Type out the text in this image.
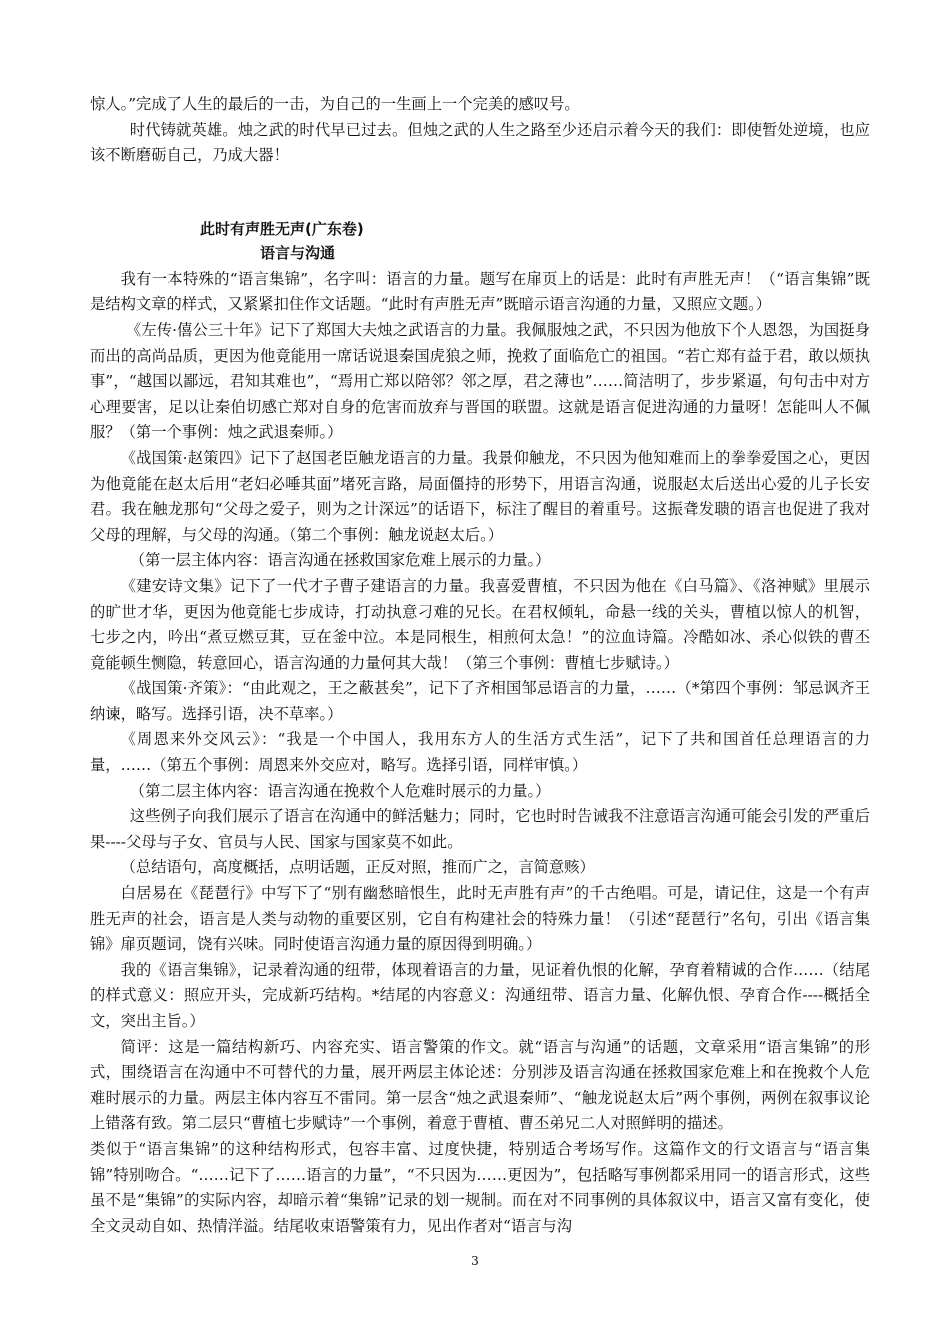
惊人。”完成了人生的最后的一击，为自己的一生画上一个完美的感叹号。

时代铸就英雄。烛之武的时代早已过去。但烛之武的人生之路至少还启示着今天的我们：即使暂处逆境，也应该不断磨砺自己，乃成大器！

此时有声胜无声(广东卷)

语言与沟通

我有一本特殊的“语言集锦”，名字叫：语言的力量。题写在扉页上的话是：此时有声胜无声！（“语言集锦”既是结构文章的样式，又紧紧扣住作文话题。“此时有声胜无声”既暗示语言沟通的力量，又照应文题。）

《左传·僖公三十年》记下了郑国大夫烛之武语言的力量。我佩服烛之武，不只因为他放下个人恩怨，为国挺身而出的高尚品质，更因为他竟能用一席话说退秦国虎狼之师，挽救了面临危亡的祖国。“若亡郑有益于君，敢以烦执事”，“越国以鄙远，君知其难也”，“焉用亡郑以陪邻？邻之厚，君之薄也”……简洁明了，步步紧逼，句句击中对方心理要害，足以让秦伯切感亡郑对自身的危害而放弃与晋国的联盟。这就是语言促进沟通的力量呀！怎能叫人不佩服？（第一个事例：烛之武退秦师。）

《战国策·赵策四》记下了赵国老臣触龙语言的力量。我景仰触龙，不只因为他知难而上的拳拳爱国之心，更因为他竟能在赵太后用“老妇必唾其面”堵死言路，局面僵持的形势下，用语言沟通，说服赵太后送出心爱的儿子长安君。我在触龙那句“父母之爱子，则为之计深远”的话语下，标注了醒目的着重号。这振聋发聩的语言也促进了我对父母的理解，与父母的沟通。（第二个事例：触龙说赵太后。）

（第一层主体内容：语言沟通在拯救国家危难上展示的力量。）

《建安诗文集》记下了一代才子曹子建语言的力量。我喜爱曹植，不只因为他在《白马篇》、《洛神赋》里展示的旷世才华，更因为他竟能七步成诗，打动执意刁难的兄长。在君权倾轧，命悬一线的关头，曹植以惊人的机智，七步之内，吟出“煮豆燃豆萁，豆在釜中泣。本是同根生，相煎何太急！”的泣血诗篇。冷酷如冰、杀心似铁的曹丕竟能顿生恻隐，转意回心，语言沟通的力量何其大哉！（第三个事例：曹植七步赋诗。）

《战国策·齐策》：“由此观之，王之蔽甚矣”，记下了齐相国邹忌语言的力量，……（*第四个事例：邹忌讽齐王纳谏，略写。选择引语，决不草率。）

《周恩来外交风云》：“我是一个中国人，我用东方人的生活方式生活”，记下了共和国首任总理语言的力量，……（第五个事例：周恩来外交应对，略写。选择引语，同样审慎。）

（第二层主体内容：语言沟通在挽救个人危难时展示的力量。）

这些例子向我们展示了语言在沟通中的鲜活魅力；同时，它也时时告诫我不注意语言沟通可能会引发的严重后果----父母与子女、官员与人民、国家与国家莫不如此。

（总结语句，高度概括，点明话题，正反对照，推而广之，言简意赅）

白居易在《琵琶行》中写下了“别有幽愁暗恨生，此时无声胜有声”的千古绝唱。可是，请记住，这是一个有声胜无声的社会，语言是人类与动物的重要区别，它自有构建社会的特殊力量！（引述“琵琶行”名句，引出《语言集锦》扉页题词，饶有兴味。同时使语言沟通力量的原因得到明确。）

我的《语言集锦》，记录着沟通的纽带，体现着语言的力量，见证着仇恨的化解，孕育着精诚的合作……（结尾的样式意义：照应开头，完成新巧结构。*结尾的内容意义：沟通纽带、语言力量、化解仇恨、孕育合作----概括全文，突出主旨。）

简评：这是一篇结构新巧、内容充实、语言警策的作文。就“语言与沟通”的话题，文章采用“语言集锦”的形式，围绕语言在沟通中不可替代的力量，展开两层主体论述：分别涉及语言沟通在拯救国家危难上和在挽救个人危难时展示的力量。两层主体内容互不雷同。第一层含“烛之武退秦师”、“触龙说赵太后”两个事例，两例在叙事议论上错落有致。第二层只“曹植七步赋诗”一个事例，着意于曹植、曹丕弟兄二人对照鲜明的描述。

类似于“语言集锦”的这种结构形式，包容丰富、过度快捷，特别适合考场写作。这篇作文的行文语言与“语言集锦”特别吻合。“……记下了……语言的力量”，“不只因为……更因为”，包括略写事例都采用同一的语言形式，这些虽不是“集锦”的实际内容，却暗示着“集锦”记录的划一规制。而在对不同事例的具体叙议中，语言又富有变化，使全文灵动自如、热情洋溢。结尾收束语警策有力，见出作者对“语言与沟

3
